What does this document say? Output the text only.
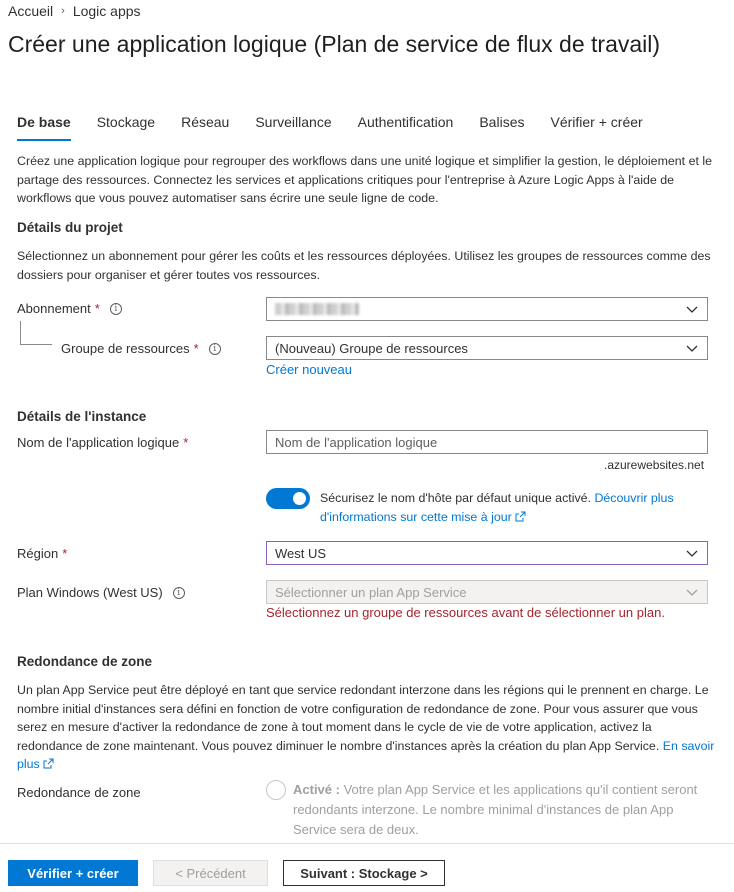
Accueil › Logic apps
Créer une application logique (Plan de service de flux de travail)
De base Stockage Réseau Surveillance Authentification Balises Vérifier + créer
Créez une application logique pour regrouper des workflows dans une unité logique et simplifier la gestion, le déploiement et le partage des ressources. Connectez les services et applications critiques pour l'entreprise à Azure Logic Apps à l'aide de workflows que vous pouvez automatiser sans écrire une seule ligne de code.
Détails du projet
Sélectionnez un abonnement pour gérer les coûts et les ressources déployées. Utilisez les groupes de ressources comme des dossiers pour organiser et gérer toutes vos ressources.
Abonnement *	i
Groupe de ressources *	i	(Nouveau) Groupe de ressources
Créer nouveau
Détails de l'instance
Nom de l'application logique *	Nom de l'application logique
.azurewebsites.net
Sécurisez le nom d'hôte par défaut unique activé. Découvrir plus d'informations sur cette mise à jour
Région *	West US
Plan Windows (West US)	i	Sélectionner un plan App Service
Sélectionnez un groupe de ressources avant de sélectionner un plan.
Redondance de zone
Un plan App Service peut être déployé en tant que service redondant interzone dans les régions qui le prennent en charge. Le nombre initial d'instances sera défini en fonction de votre configuration de redondance de zone. Pour vous assurer que vous serez en mesure d'activer la redondance de zone à tout moment dans le cycle de vie de votre application, activez la redondance de zone maintenant. Vous pouvez diminuer le nombre d'instances après la création du plan App Service. En savoir plus
Redondance de zone	Activé : Votre plan App Service et les applications qu'il contient seront redondants interzone. Le nombre minimal d'instances de plan App Service sera de deux.
Vérifier + créer	< Précédent	Suivant : Stockage >
